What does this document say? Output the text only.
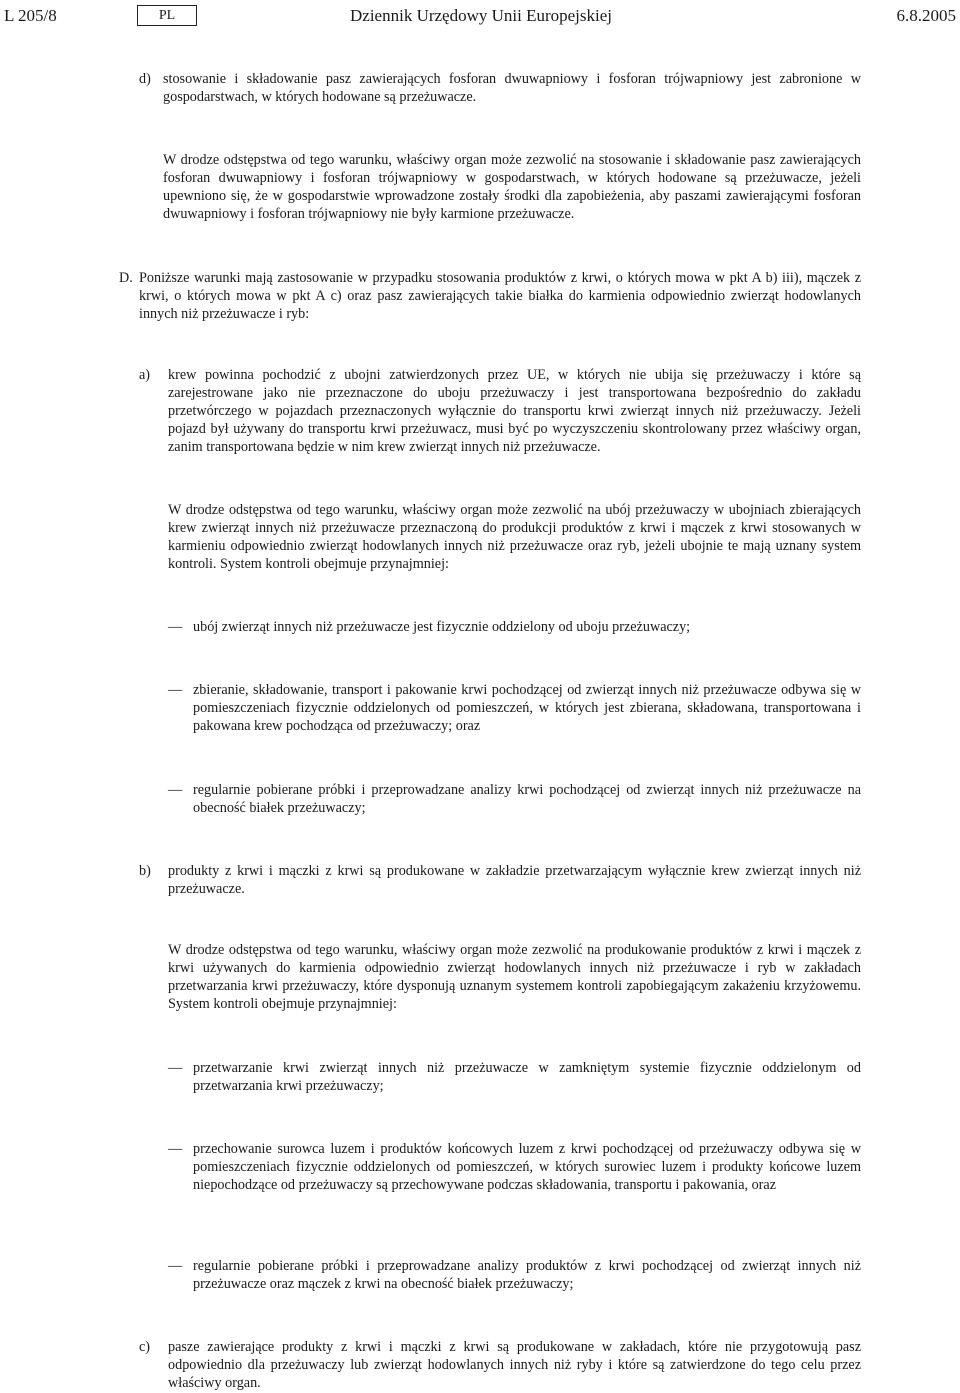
L 205/8	PL	Dziennik Urzędowy Unii Europejskiej	6.8.2005
d) stosowanie i składowanie pasz zawierających fosforan dwuwapniowy i fosforan trójwapniowy jest zabronione w gospodarstwach, w których hodowane są przeżuwacze.
W drodze odstępstwa od tego warunku, właściwy organ może zezwolić na stosowanie i składowanie pasz zawierających fosforan dwuwapniowy i fosforan trójwapniowy w gospodarstwach, w których hodowane są przeżuwacze, jeżeli upewniono się, że w gospodarstwie wprowadzone zostały środki dla zapobieżenia, aby paszami zawierającymi fosforan dwuwapniowy i fosforan trójwapniowy nie były karmione przeżuwacze.
D. Poniższe warunki mają zastosowanie w przypadku stosowania produktów z krwi, o których mowa w pkt A b) iii), mączek z krwi, o których mowa w pkt A c) oraz pasz zawierających takie białka do karmienia odpowiednio zwierząt hodowlanych innych niż przeżuwacze i ryb:
a) krew powinna pochodzić z ubojni zatwierdzonych przez UE, w których nie ubija się przeżuwaczy i które są zarejestrowane jako nie przeznaczone do uboju przeżuwaczy i jest transportowana bezpośrednio do zakładu przetwórczego w pojazdach przeznaczonych wyłącznie do transportu krwi zwierząt innych niż przeżuwaczy. Jeżeli pojazd był używany do transportu krwi przeżuwacz, musi być po wyczyszczeniu skontrolowany przez właściwy organ, zanim transportowana będzie w nim krew zwierząt innych niż przeżuwacze.
W drodze odstępstwa od tego warunku, właściwy organ może zezwolić na ubój przeżuwaczy w ubojniach zbierających krew zwierząt innych niż przeżuwacze przeznaczoną do produkcji produktów z krwi i mączek z krwi stosowanych w karmieniu odpowiednio zwierząt hodowlanych innych niż przeżuwacze oraz ryb, jeżeli ubojnie te mają uznany system kontroli. System kontroli obejmuje przynajmniej:
— ubój zwierząt innych niż przeżuwacze jest fizycznie oddzielony od uboju przeżuwaczy;
— zbieranie, składowanie, transport i pakowanie krwi pochodzącej od zwierząt innych niż przeżuwacze odbywa się w pomieszczeniach fizycznie oddzielonych od pomieszczeń, w których jest zbierana, składowana, transportowana i pakowana krew pochodząca od przeżuwaczy; oraz
— regularnie pobierane próbki i przeprowadzane analizy krwi pochodzącej od zwierząt innych niż przeżuwacze na obecność białek przeżuwaczy;
b) produkty z krwi i mączki z krwi są produkowane w zakładzie przetwarzającym wyłącznie krew zwierząt innych niż przeżuwacze.
W drodze odstępstwa od tego warunku, właściwy organ może zezwolić na produkowanie produktów z krwi i mączek z krwi używanych do karmienia odpowiednio zwierząt hodowlanych innych niż przeżuwacze i ryb w zakładach przetwarzania krwi przeżuwaczy, które dysponują uznanym systemem kontroli zapobiegającym zakażeniu krzyżowemu. System kontroli obejmuje przynajmniej:
— przetwarzanie krwi zwierząt innych niż przeżuwacze w zamkniętym systemie fizycznie oddzielonym od przetwarzania krwi przeżuwaczy;
— przechowanie surowca luzem i produktów końcowych luzem z krwi pochodzącej od przeżuwaczy odbywa się w pomieszczeniach fizycznie oddzielonych od pomieszczeń, w których surowiec luzem i produkty końcowe luzem niepochodzące od przeżuwaczy są przechowywane podczas składowania, transportu i pakowania, oraz
— regularnie pobierane próbki i przeprowadzane analizy produktów z krwi pochodzącej od zwierząt innych niż przeżuwacze oraz mączek z krwi na obecność białek przeżuwaczy;
c) pasze zawierające produkty z krwi i mączki z krwi są produkowane w zakładach, które nie przygotowują pasz odpowiednio dla przeżuwaczy lub zwierząt hodowlanych innych niż ryby i które są zatwierdzone do tego celu przez właściwy organ.
